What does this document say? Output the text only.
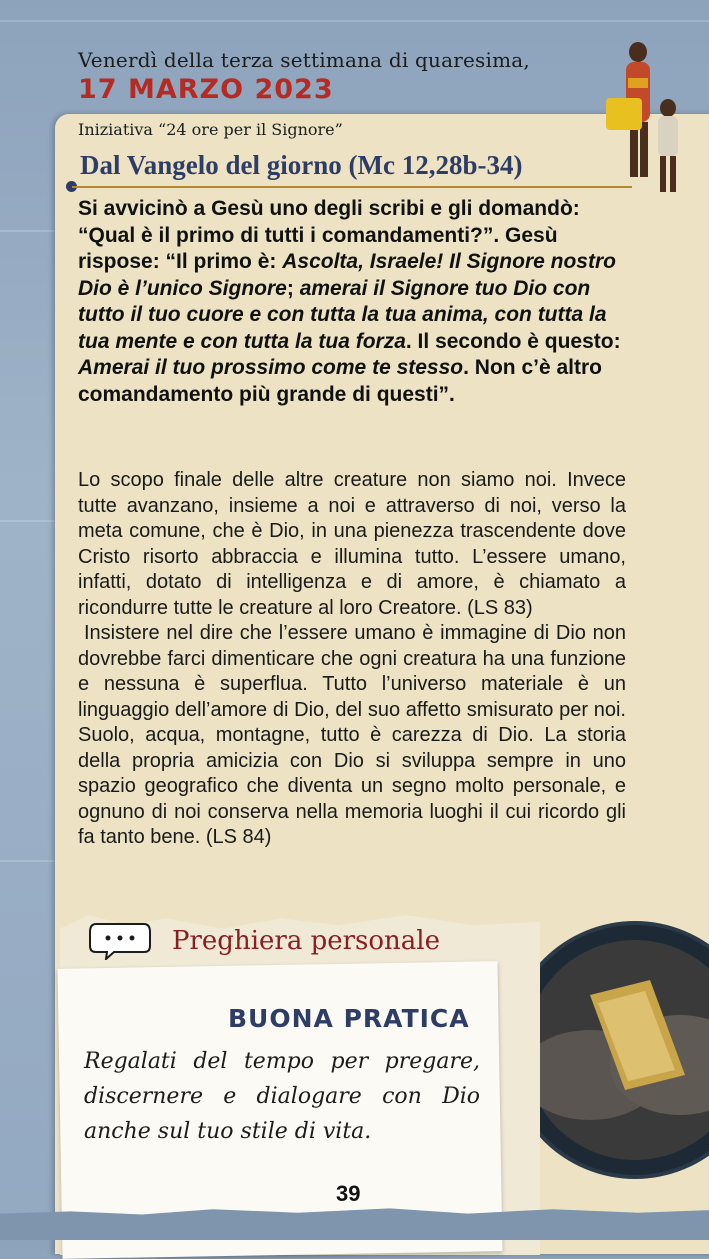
Venerdì della terza settimana di quaresima,
17 MARZO 2023
Iniziativa “24 ore per il Signore”
Dal Vangelo del giorno (Mc 12,28b-34)
Si avvicinò a Gesù uno degli scribi e gli domandò: “Qual è il primo di tutti i comandamenti?”. Gesù rispose: “Il primo è: Ascolta, Israele! Il Signore nostro Dio è l’unico Signore; amerai il Signore tuo Dio con tutto il tuo cuore e con tutta la tua anima, con tutta la tua mente e con tutta la tua forza. Il secondo è questo: Amerai il tuo prossimo come te stesso. Non c’è altro comandamento più grande di questi”.

Lo scopo finale delle altre creature non siamo noi. Invece tutte avanzano, insieme a noi e attraverso di noi, verso la meta comune, che è Dio, in una pienezza trascendente dove Cristo risorto abbraccia e illumina tutto. L’essere umano, infatti, dotato di intelligenza e di amore, è chiamato a ricondurre tutte le creature al loro Creatore. (LS 83)

Insistere nel dire che l’essere umano è immagine di Dio non dovrebbe farci dimenticare che ogni creatura ha una funzione e nessuna è superflua. Tutto l’universo materiale è un linguaggio dell’amore di Dio, del suo affetto smisurato per noi. Suolo, acqua, montagne, tutto è carezza di Dio. La storia della propria amicizia con Dio si sviluppa sempre in uno spazio geografico che diventa un segno molto personale, e ognuno di noi conserva nella memoria luoghi il cui ricordo gli fa tanto bene. (LS 84)

Preghiera personale
BUONA PRATICA
Regalati del tempo per pregare, discernere e dialogare con Dio anche sul tuo stile di vita.
39
